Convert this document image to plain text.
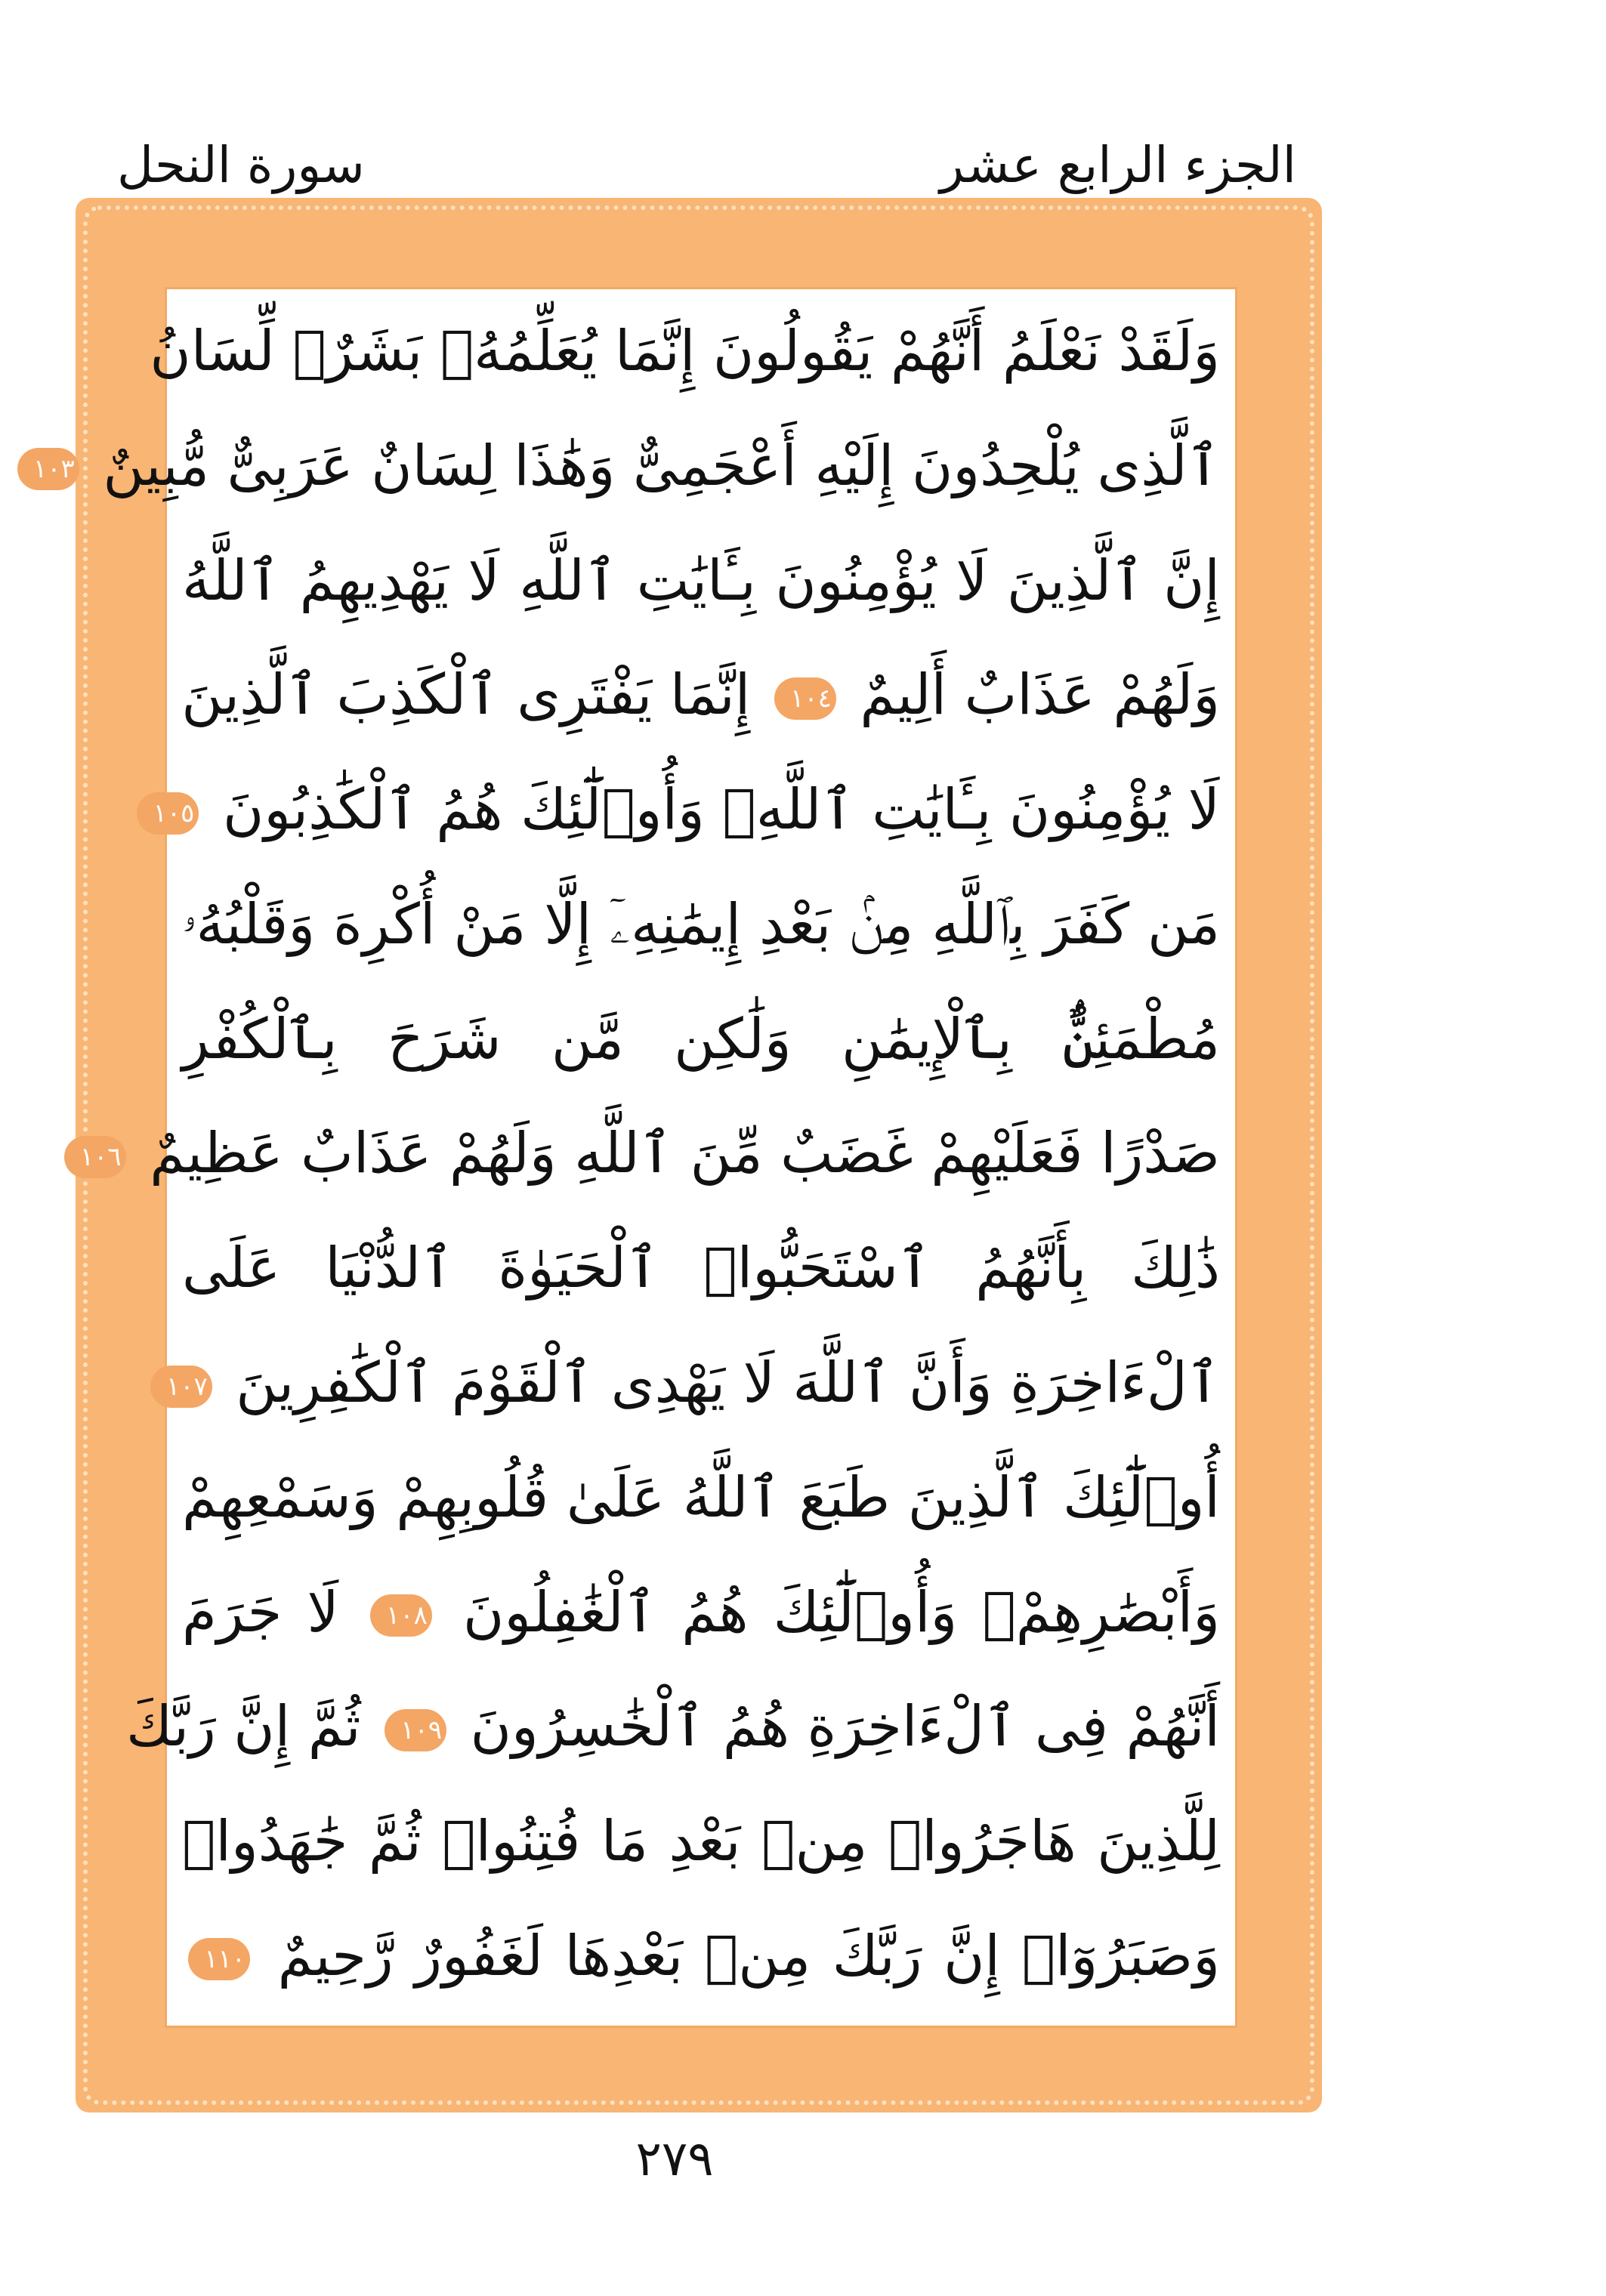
الجزء الرابع عشر
سورة النحل
وَلَقَدْ نَعْلَمُ أَنَّهُمْ يَقُولُونَ إِنَّمَا يُعَلِّمُهُۥ بَشَرٌۗ لِّسَانُ
ٱلَّذِى يُلْحِدُونَ إِلَيْهِ أَعْجَمِىٌّ وَهَٰذَا لِسَانٌ عَرَبِىٌّ مُّبِينٌ ١٠٣
إِنَّ ٱلَّذِينَ لَا يُؤْمِنُونَ بِـَٔايَٰتِ ٱللَّهِ لَا يَهْدِيهِمُ ٱللَّهُ
وَلَهُمْ عَذَابٌ أَلِيمٌ ١٠٤ إِنَّمَا يَفْتَرِى ٱلْكَذِبَ ٱلَّذِينَ
لَا يُؤْمِنُونَ بِـَٔايَٰتِ ٱللَّهِۖ وَأُو۟لَٰٓئِكَ هُمُ ٱلْكَٰذِبُونَ ١٠٥
مَن كَفَرَ بِٱللَّهِ مِنۢ بَعْدِ إِيمَٰنِهِۦٓ إِلَّا مَنْ أُكْرِهَ وَقَلْبُهُۥ
مُطْمَئِنٌّۢ بِٱلْإِيمَٰنِ وَلَٰكِن مَّن شَرَحَ بِٱلْكُفْرِ
صَدْرًا فَعَلَيْهِمْ غَضَبٌ مِّنَ ٱللَّهِ وَلَهُمْ عَذَابٌ عَظِيمٌ ١٠٦
ذَٰلِكَ بِأَنَّهُمُ ٱسْتَحَبُّوا۟ ٱلْحَيَوٰةَ ٱلدُّنْيَا عَلَى
ٱلْءَاخِرَةِ وَأَنَّ ٱللَّهَ لَا يَهْدِى ٱلْقَوْمَ ٱلْكَٰفِرِينَ ١٠٧
أُو۟لَٰٓئِكَ ٱلَّذِينَ طَبَعَ ٱللَّهُ عَلَىٰ قُلُوبِهِمْ وَسَمْعِهِمْ
وَأَبْصَٰرِهِمْۖ وَأُو۟لَٰٓئِكَ هُمُ ٱلْغَٰفِلُونَ ١٠٨ لَا جَرَمَ
أَنَّهُمْ فِى ٱلْءَاخِرَةِ هُمُ ٱلْخَٰسِرُونَ ١٠٩ ثُمَّ إِنَّ رَبَّكَ
لِلَّذِينَ هَاجَرُوا۟ مِنۢ بَعْدِ مَا فُتِنُوا۟ ثُمَّ جَٰهَدُوا۟
وَصَبَرُوٓا۟ إِنَّ رَبَّكَ مِنۢ بَعْدِهَا لَغَفُورٌ رَّحِيمٌ ١١٠
٢٧٩
